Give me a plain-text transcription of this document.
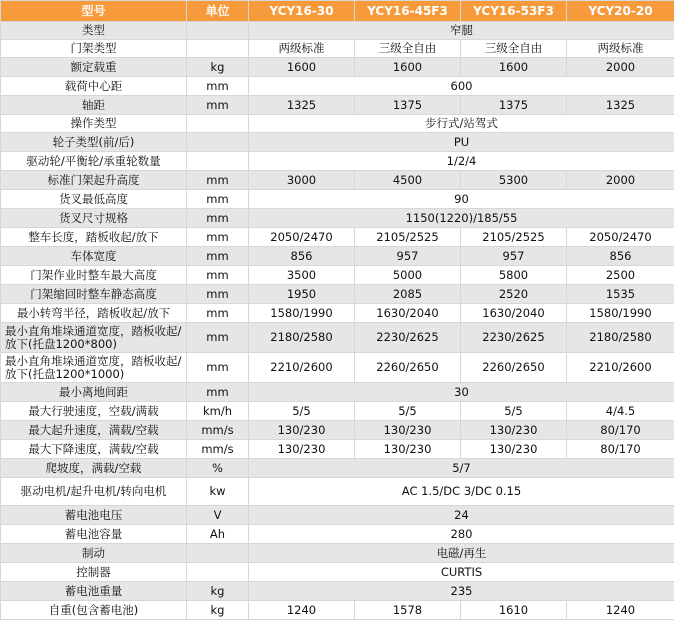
型号	单位	YCY16-30	YCY16-45F3	YCY16-53F3	YCY20-20
类型		窄腿			
门架类型		两级标准	三级全自由	三级全自由	两级标准
额定载重	kg	1600	1600	1600	2000
载荷中心距	mm	600			
轴距	mm	1325	1375	1375	1325
操作类型		步行式/站驾式			
轮子类型(前/后)		PU			
驱动轮/平衡轮/承重轮数量		1/2/4			
标准门架起升高度	mm	3000	4500	5300	2000
货叉最低高度	mm	90			
货叉尺寸规格	mm	1150(1220)/185/55			
整车长度，踏板收起/放下	mm	2050/2470	2105/2525	2105/2525	2050/2470
车体宽度	mm	856	957	957	856
门架作业时整车最大高度	mm	3500	5000	5800	2500
门架缩回时整车静态高度	mm	1950	2085	2520	1535
最小转弯半径，踏板收起/放下	mm	1580/1990	1630/2040	1630/2040	1580/1990
最小直角堆垛通道宽度，踏板收起/放下(托盘1200*800)	mm	2180/2580	2230/2625	2230/2625	2180/2580
最小直角堆垛通道宽度，踏板收起/放下(托盘1200*1000)	mm	2210/2600	2260/2650	2260/2650	2210/2600
最小离地间距	mm	30			
最大行驶速度，空载/满载	km/h	5/5	5/5	5/5	4/4.5
最大起升速度，满载/空载	mm/s	130/230	130/230	130/230	80/170
最大下降速度，满载/空载	mm/s	130/230	130/230	130/230	80/170
爬坡度，满载/空载	%	5/7			
驱动电机/起升电机/转向电机	kw	AC 1.5/DC 3/DC 0.15			
蓄电池电压	V	24			
蓄电池容量	Ah	280			
制动		电磁/再生			
控制器		CURTIS			
蓄电池重量	kg	235			
自重(包含蓄电池)	kg	1240	1578	1610	1240
